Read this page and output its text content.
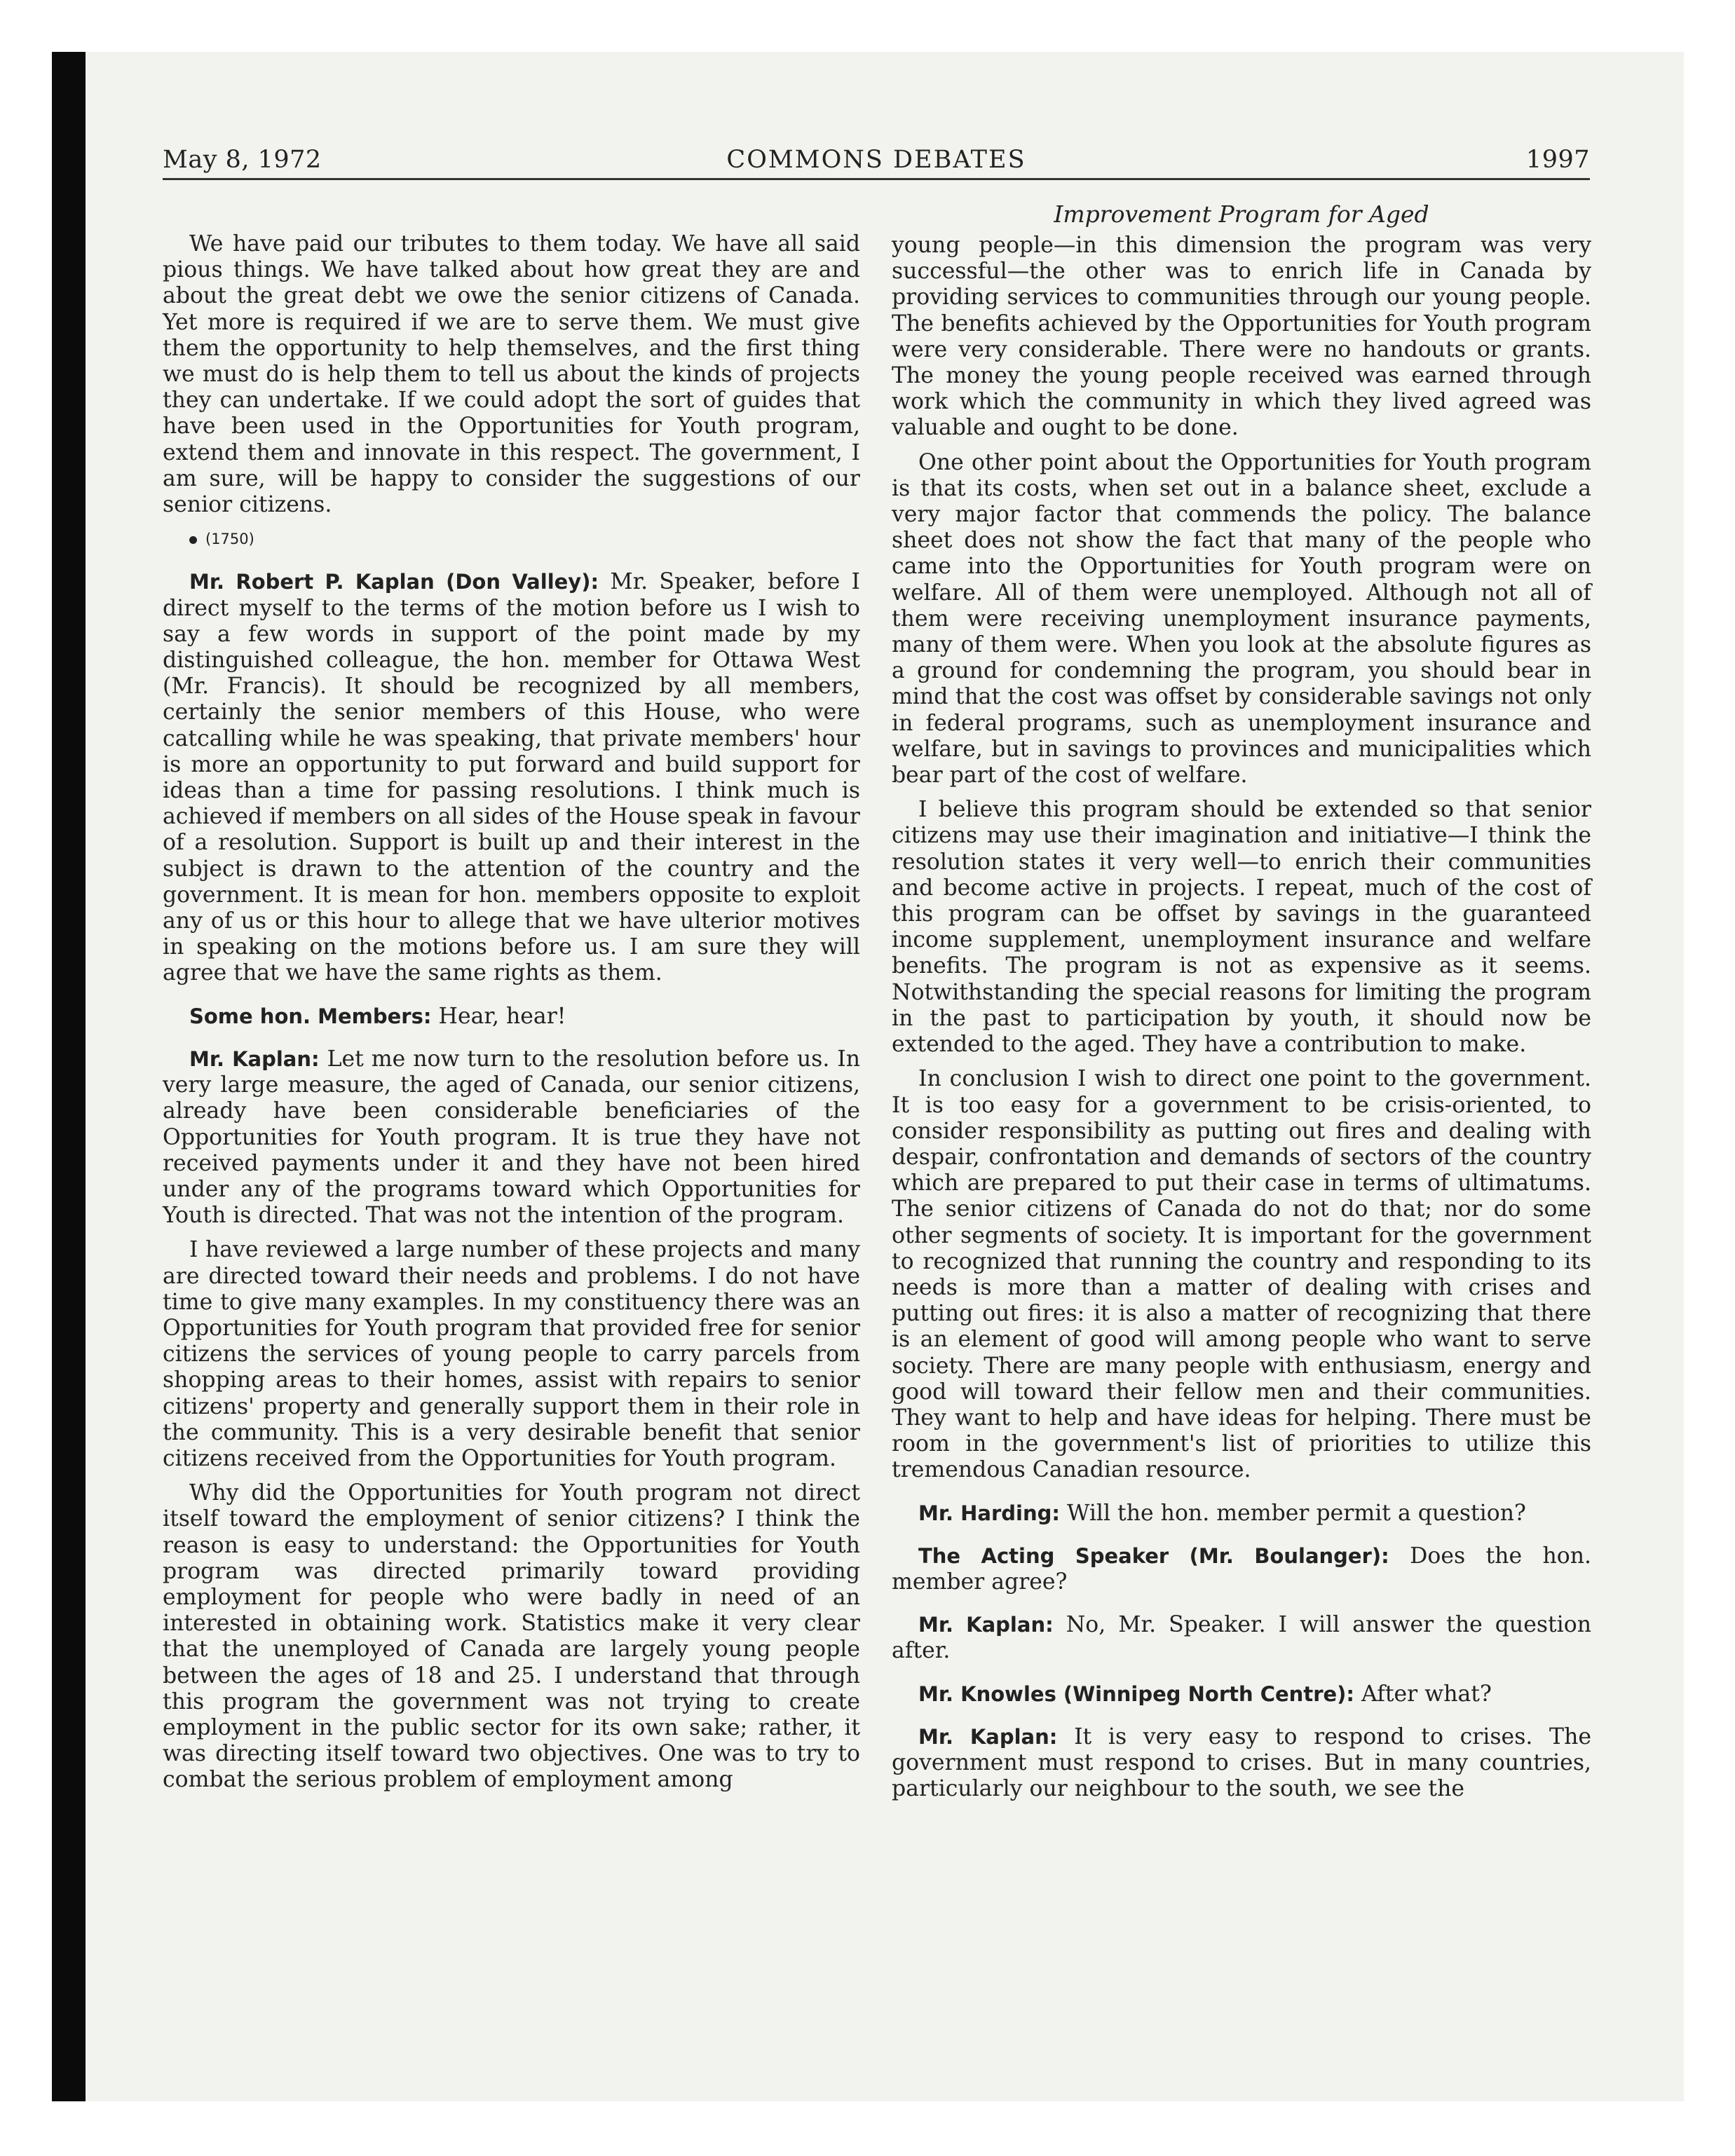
May 8, 1972	COMMONS DEBATES	1997
Improvement Program for Aged

We have paid our tributes to them today. We have all said pious things. We have talked about how great they are and about the great debt we owe the senior citizens of Canada. Yet more is required if we are to serve them. We must give them the opportunity to help themselves, and the first thing we must do is help them to tell us about the kinds of projects they can undertake. If we could adopt the sort of guides that have been used in the Opportunities for Youth program, extend them and innovate in this respect. The government, I am sure, will be happy to consider the suggestions of our senior citizens.

(1750)

Mr. Robert P. Kaplan (Don Valley): Mr. Speaker, before I direct myself to the terms of the motion before us I wish to say a few words in support of the point made by my distinguished colleague, the hon. member for Ottawa West (Mr. Francis). It should be recognized by all members, certainly the senior members of this House, who were catcalling while he was speaking, that private members' hour is more an opportunity to put forward and build support for ideas than a time for passing resolutions. I think much is achieved if members on all sides of the House speak in favour of a resolution. Support is built up and their interest in the subject is drawn to the attention of the country and the government. It is mean for hon. members opposite to exploit any of us or this hour to allege that we have ulterior motives in speaking on the motions before us. I am sure they will agree that we have the same rights as them.

Some hon. Members: Hear, hear!

Mr. Kaplan: Let me now turn to the resolution before us. In very large measure, the aged of Canada, our senior citizens, already have been considerable beneficiaries of the Opportunities for Youth program. It is true they have not received payments under it and they have not been hired under any of the programs toward which Opportunities for Youth is directed. That was not the intention of the program.

I have reviewed a large number of these projects and many are directed toward their needs and problems. I do not have time to give many examples. In my constituency there was an Opportunities for Youth program that provided free for senior citizens the services of young people to carry parcels from shopping areas to their homes, assist with repairs to senior citizens' property and generally support them in their role in the community. This is a very desirable benefit that senior citizens received from the Opportunities for Youth program.

Why did the Opportunities for Youth program not direct itself toward the employment of senior citizens? I think the reason is easy to understand: the Opportunities for Youth program was directed primarily toward providing employment for people who were badly in need of an interested in obtaining work. Statistics make it very clear that the unemployed of Canada are largely young people between the ages of 18 and 25. I understand that through this program the government was not trying to create employment in the public sector for its own sake; rather, it was directing itself toward two objectives. One was to try to combat the serious problem of employment among

young people—in this dimension the program was very successful—the other was to enrich life in Canada by providing services to communities through our young people. The benefits achieved by the Opportunities for Youth program were very considerable. There were no handouts or grants. The money the young people received was earned through work which the community in which they lived agreed was valuable and ought to be done.

One other point about the Opportunities for Youth program is that its costs, when set out in a balance sheet, exclude a very major factor that commends the policy. The balance sheet does not show the fact that many of the people who came into the Opportunities for Youth program were on welfare. All of them were unemployed. Although not all of them were receiving unemployment insurance payments, many of them were. When you look at the absolute figures as a ground for condemning the program, you should bear in mind that the cost was offset by considerable savings not only in federal programs, such as unemployment insurance and welfare, but in savings to provinces and municipalities which bear part of the cost of welfare.

I believe this program should be extended so that senior citizens may use their imagination and initiative—I think the resolution states it very well—to enrich their communities and become active in projects. I repeat, much of the cost of this program can be offset by savings in the guaranteed income supplement, unemployment insurance and welfare benefits. The program is not as expensive as it seems. Notwithstanding the special reasons for limiting the program in the past to participation by youth, it should now be extended to the aged. They have a contribution to make.

In conclusion I wish to direct one point to the government. It is too easy for a government to be crisis-oriented, to consider responsibility as putting out fires and dealing with despair, confrontation and demands of sectors of the country which are prepared to put their case in terms of ultimatums. The senior citizens of Canada do not do that; nor do some other segments of society. It is important for the government to recognized that running the country and responding to its needs is more than a matter of dealing with crises and putting out fires: it is also a matter of recognizing that there is an element of good will among people who want to serve society. There are many people with enthusiasm, energy and good will toward their fellow men and their communities. They want to help and have ideas for helping. There must be room in the government's list of priorities to utilize this tremendous Canadian resource.

Mr. Harding: Will the hon. member permit a question?

The Acting Speaker (Mr. Boulanger): Does the hon. member agree?

Mr. Kaplan: No, Mr. Speaker. I will answer the question after.

Mr. Knowles (Winnipeg North Centre): After what?

Mr. Kaplan: It is very easy to respond to crises. The government must respond to crises. But in many countries, particularly our neighbour to the south, we see the
